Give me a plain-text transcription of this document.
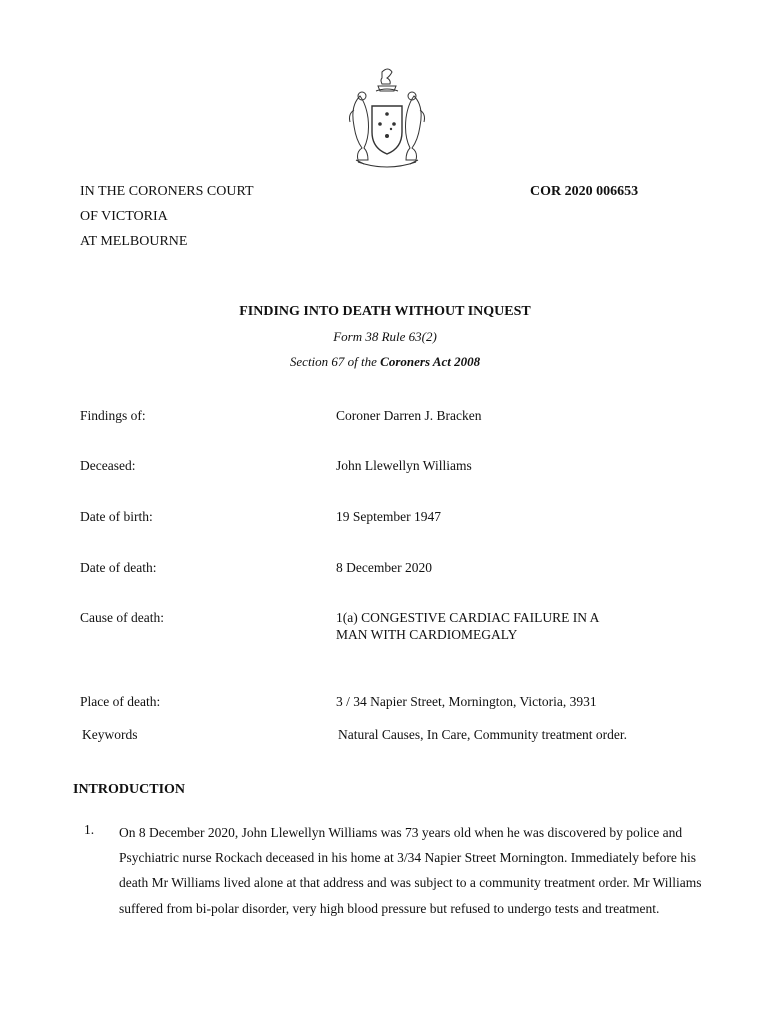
IN THE CORONERS COURT
OF VICTORIA
AT MELBOURNE
COR 2020 006653
FINDING INTO DEATH WITHOUT INQUEST
Form 38 Rule 63(2)
Section 67 of the Coroners Act 2008
Findings of:	Coroner Darren J. Bracken
Deceased:	John Llewellyn Williams
Date of birth:	19 September 1947
Date of death:	8 December 2020
Cause of death:	1(a) CONGESTIVE CARDIAC FAILURE IN A
MAN WITH CARDIOMEGALY
Place of death:	3 / 34 Napier Street, Mornington, Victoria, 3931
Keywords	Natural Causes, In Care, Community treatment order.
INTRODUCTION
1. On 8 December 2020, John Llewellyn Williams was 73 years old when he was discovered by police and Psychiatric nurse Rockach deceased in his home at 3/34 Napier Street Mornington. Immediately before his death Mr Williams lived alone at that address and was subject to a community treatment order. Mr Williams suffered from bi-polar disorder, very high blood pressure but refused to undergo tests and treatment.
